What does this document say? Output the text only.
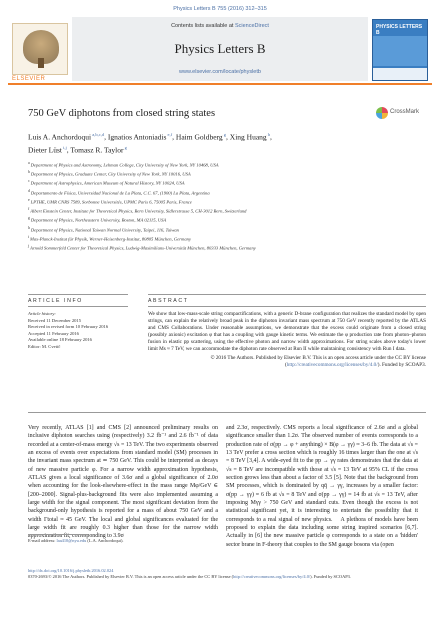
Physics Letters B 755 (2016) 312–315
ELSEVIER
Contents lists available at ScienceDirect
Physics Letters B
www.elsevier.com/locate/physletb
PHYSICS LETTERS B
750 GeV diphotons from closed string states	CrossMark
Luis A. Anchordoqui $^{a,b,c,d}$, Ignatios Antoniadis $^{e,f}$, Haim Goldberg $^g$, Xing Huang $^h$,
Dieter Lüst $^{i,j}$, Tomasz R. Taylor $^g$
$^a$ Department of Physics and Astronomy, Lehman College, City University of New York, NY 10468, USA
$^b$ Department of Physics, Graduate Center, City University of New York, NY 10016, USA
$^c$ Department of Astrophysics, American Museum of Natural History, NY 10024, USA
$^d$ Departamento de Física, Universidad Nacional de La Plata, C.C. 67, (1900) La Plata, Argentina
$^e$ LPTHE, UMR CNRS 7589, Sorbonne Universités, UPMC Paris 6, 75005 Paris, France
$^f$ Albert Einstein Center, Institute for Theoretical Physics, Bern University, Sidlerstrasse 5, CH-3012 Bern, Switzerland
$^g$ Department of Physics, Northeastern University, Boston, MA 02115, USA
$^h$ Department of Physics, National Taiwan Normal University, Taipei, 116, Taiwan
$^i$ Max-Planck-Institut für Physik, Werner-Heisenberg-Institut, 80805 München, Germany
$^j$ Arnold Sommerfeld Center for Theoretical Physics, Ludwig-Maximilians-Universität München, 80333 München, Germany
ARTICLE INFO	ABSTRACT
Article history:
Received 11 December 2015
Received in revised form 10 February 2016
Accepted 11 February 2016
Available online 18 February 2016
Editor: M. Cvetič
We show that low-mass-scale string compactifications, with a generic D-brane configuration that realizes the standard model by open strings, can explain the relatively broad peak in the diphoton invariant mass spectrum at 750 GeV recently reported by the ATLAS and CMS Collaborations. Under reasonable assumptions, we demonstrate that the excess could originate from a closed string (possibly axionic) excitation φ that has a coupling with gauge kinetic terms. We estimate the φ production rate from photon–photon fusion in elastic pp scattering, using the effective photon and narrow width approximations. For string scales above today's lower limit Ms ≈ 7 TeV, we can accommodate the diphoton rate observed at Run II while maintaining consistency with Run I data.
© 2016 The Authors. Published by Elsevier B.V. This is an open access article under the CC BY license (http://creativecommons.org/licenses/by/4.0/). Funded by SCOAP3.
Very recently, ATLAS [1] and CMS [2] announced preliminary results on inclusive diphoton searches using (respectively) 3.2 fb⁻¹ and 2.6 fb⁻¹ of data recorded at a center-of-mass energy √s = 13 TeV. The two experiments observed an excess of events over expectations from standard model (SM) processes in the invariant mass spectrum at ≃ 750 GeV. This could be interpreted as decays of new massive particle φ. For a narrow width approximation hypothesis, ATLAS gives a local significance of 3.6σ and a global significance of 2.0σ when accounting for the look-elsewhere-effect in the mass range Mφ/GeV ∈ [200–2000]. Signal-plus-background fits were also implemented assuming a large width for the signal component. The most significant deviation from the background-only hypothesis is reported for a mass of about 750 GeV and a width Γtotal ≈ 45 GeV. The local and global significances evaluated for the large width fit are roughly 0.3 higher than those for the narrow width approximation fit, corresponding to 3.9σ
and 2.3σ, respectively. CMS reports a local significance of 2.6σ and a global significance smaller than 1.2σ. The observed number of events corresponds to a production rate of σ(pp → φ + anything) × B(φ → γγ) ≈ 3–6 fb. The data at √s = 13 TeV prefer a cross section which is roughly 16 times larger than the one at √s = 8 TeV [3,4]. A wide-eyed fit to the pp → γγ rates demonstrates that the data at √s = 8 TeV are incompatible with those at √s = 13 TeV at 95% CL if the cross section grows less than about a factor of 3.5 [5]. Note that the background from SM processes, which is dominated by qq̄ → γγ, increases by a smaller factor: σ(pp → γγ) ≈ 6 fb at √s = 8 TeV and σ(pp → γγ) ≈ 14 fb at √s = 13 TeV, after imposing Mγγ > 750 GeV and standard cuts. Even though the excess is not statistical significant yet, it is interesting to entertain the possibility that it corresponds to a real signal of new physics.    A plethora of models have been proposed to explain the data including some string inspired scenarios [6,7]. Actually in [6] the new massive particle φ corresponds to a state on a 'hidden' sector brane in F-theory that couples to the SM gauge bosons via (open
E-mail address: laa410@nyu.edu (L.A. Anchordoqui).
http://dx.doi.org/10.1016/j.physletb.2016.02.024
0370-2693/© 2016 The Authors. Published by Elsevier B.V. This is an open access article under the CC BY license (http://creativecommons.org/licenses/by/4.0/). Funded by SCOAP3.
